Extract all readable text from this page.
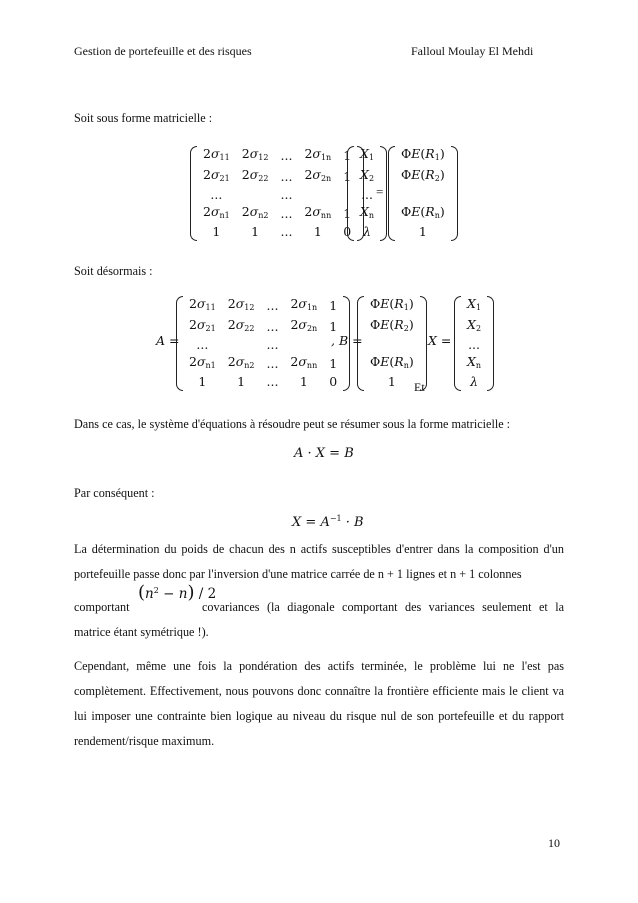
Gestion de portefeuille et des risques	Falloul Moulay El Mehdi
Soit sous forme matricielle :
$2\sigma_{11}$	$2\sigma_{12}$	...	$2\sigma_{1n}$	1
$2\sigma_{21}$	$2\sigma_{22}$	...	$2\sigma_{2n}$	1
...		...		
$2\sigma_{n1}$	$2\sigma_{n2}$	...	$2\sigma_{nn}$	1
1	1	...	1	0
$X_1$
$X_2$
...
$X_n$
λ
=
$\Phi E(R_1)$
$\Phi E(R_2)$

$\Phi E(R_n)$
1
Soit désormais :
A =
$2\sigma_{11}$	$2\sigma_{12}$	...	$2\sigma_{1n}$	1
$2\sigma_{21}$	$2\sigma_{22}$	...	$2\sigma_{2n}$	1
...		...		
$2\sigma_{n1}$	$2\sigma_{n2}$	...	$2\sigma_{nn}$	1
1	1	...	1	0
, B =
$\Phi E(R_1)$
$\Phi E(R_2)$

$\Phi E(R_n)$
1 Et
X =
$X_1$
$X_2$
...
$X_n$
λ
Dans ce cas, le système d'équations à résoudre peut se résumer sous la forme matricielle :
A · X = B
Par conséquent :
$X = A^{-1} \cdot B$
La détermination du poids de chacun des n actifs susceptibles d'entrer dans la composition d'un portefeuille passe donc par l'inversion d'une matrice carrée de n + 1 lignes et n + 1 colonnes
comportant
$(n^2 - n) / 2$
covariances (la diagonale comportant des variances seulement et la matrice étant symétrique !).
Cependant, même une fois la pondération des actifs terminée, le problème lui ne l'est pas complètement. Effectivement, nous pouvons donc connaître la frontière efficiente mais le client va lui imposer une contrainte bien logique au niveau du risque nul de son portefeuille et du rapport rendement/risque maximum.
10
